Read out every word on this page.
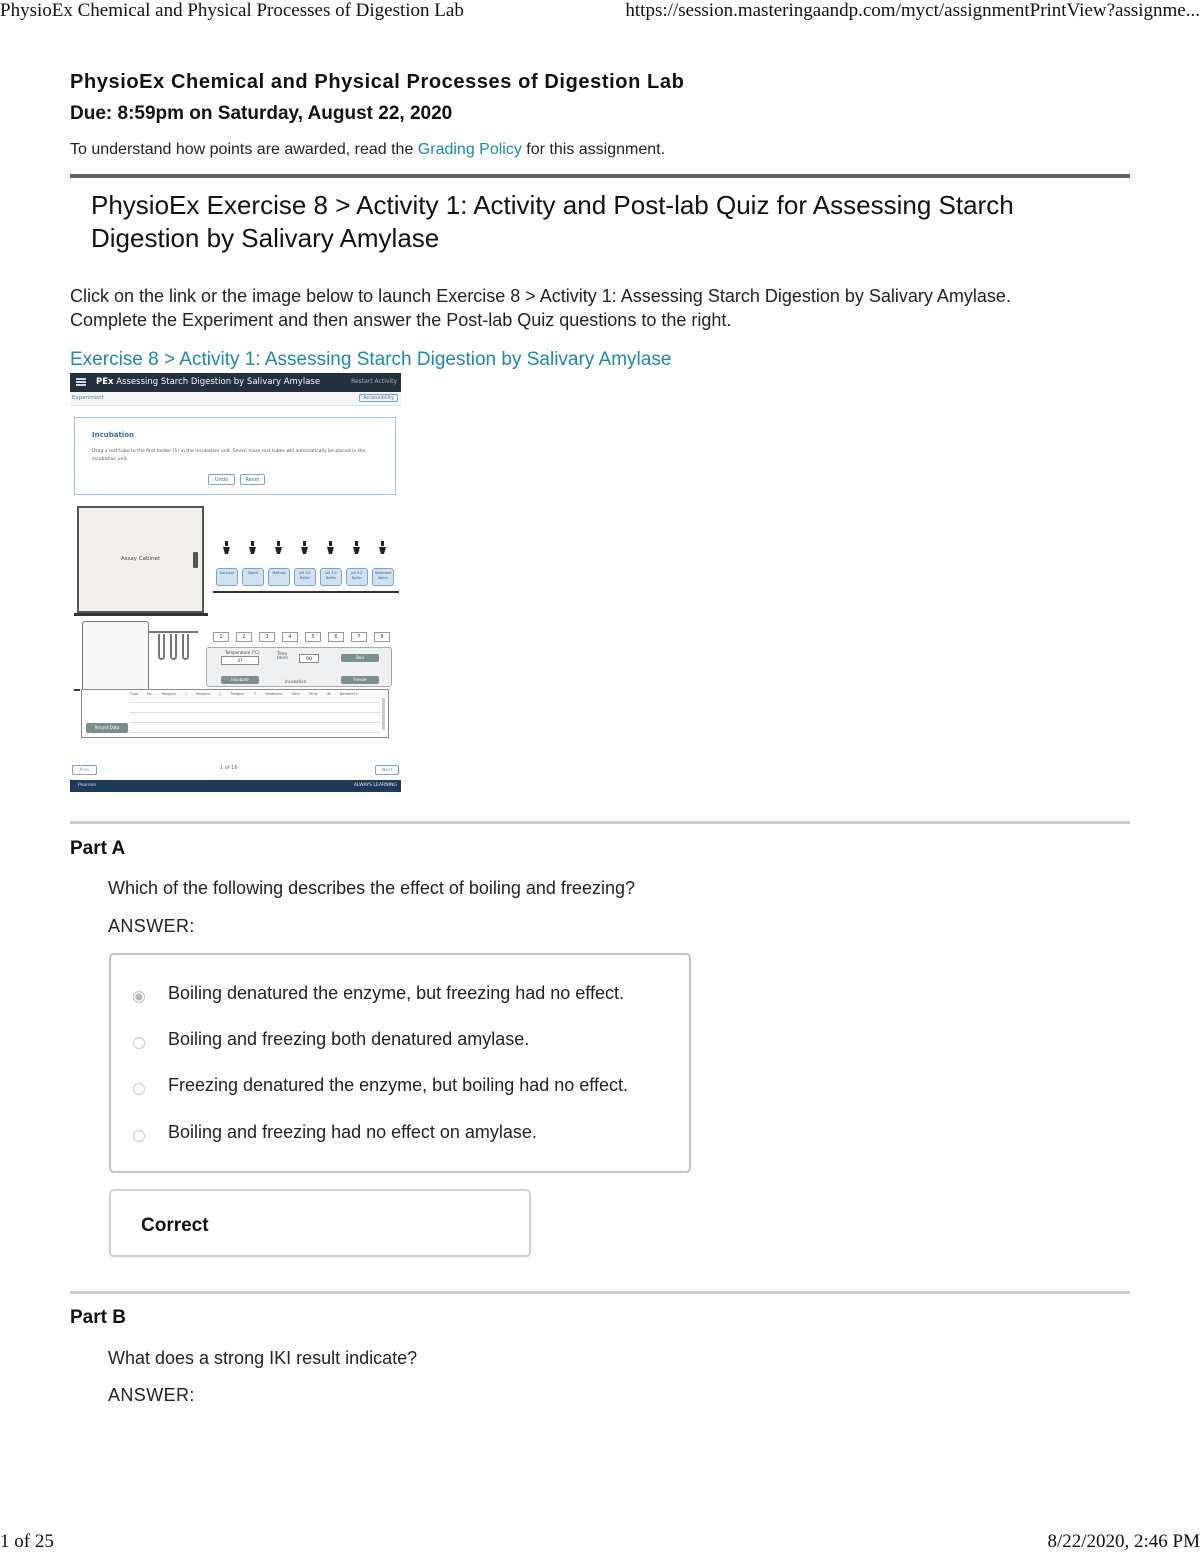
PhysioEx Chemical and Physical Processes of Digestion Lab	https://session.masteringaandp.com/myct/assignmentPrintView?assignme...
PhysioEx Chemical and Physical Processes of Digestion Lab
Due: 8:59pm on Saturday, August 22, 2020
To understand how points are awarded, read the Grading Policy for this assignment.
PhysioEx Exercise 8 > Activity 1: Activity and Post-lab Quiz for Assessing Starch Digestion by Salivary Amylase
Click on the link or the image below to launch Exercise 8 > Activity 1: Assessing Starch Digestion by Salivary Amylase.
Complete the Experiment and then answer the Post-lab Quiz questions to the right.
Exercise 8 > Activity 1: Assessing Starch Digestion by Salivary Amylase
PEx Assessing Starch Digestion by Salivary Amylase	Restart Activity
Experiment	Accessibility
Incubation
Drag a test tube to the first holder (1) in the incubation unit. Seven more test tubes will automatically be placed in the incubation unit.
Undo	Reset
Assay Cabinet
Amylase	Starch	Maltose	pH 2.0 Buffer
pH 7.0 Buffer
pH 9.0 Buffer
Deionized Water
1	2	3	4	5	6	7	8
Temperature (°C)
37
Time (min)	60	Boil
Incubate	Incubation	Freeze
Tube No. Reagent 1 Reagent 2 Reagent 3 Treatment Time Temp IKI Benedict's
Record Data
Prev	1 of 16	Next
Pearson	ALWAYS LEARNING
Part A
Which of the following describes the effect of boiling and freezing?
ANSWER:
Boiling denatured the enzyme, but freezing had no effect.
Boiling and freezing both denatured amylase.
Freezing denatured the enzyme, but boiling had no effect.
Boiling and freezing had no effect on amylase.
Correct
Part B
What does a strong IKI result indicate?
ANSWER:
1 of 25	8/22/2020, 2:46 PM
